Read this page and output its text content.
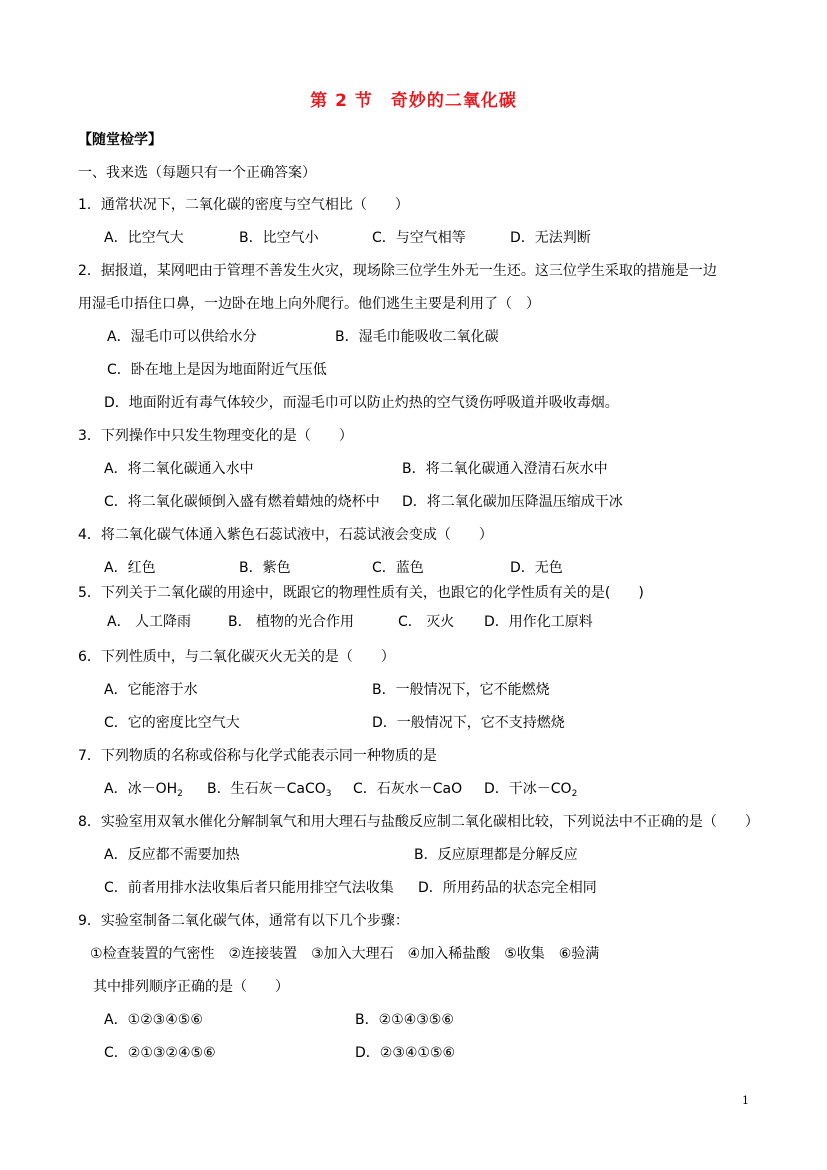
第 2 节　奇妙的二氧化碳
【随堂检学】
一、我来选（每题只有一个正确答案）
1．通常状况下，二氧化碳的密度与空气相比（　　）
A．比空气大	B．比空气小	C．与空气相等	D．无法判断
2．据报道，某网吧由于管理不善发生火灾，现场除三位学生外无一生还。这三位学生采取的措施是一边
用湿毛巾捂住口鼻，一边卧在地上向外爬行。他们逃生主要是利用了（　）
A．湿毛巾可以供给水分	B．湿毛巾能吸收二氧化碳
C．卧在地上是因为地面附近气压低
D．地面附近有毒气体较少，而湿毛巾可以防止灼热的空气烫伤呼吸道并吸收毒烟。
3．下列操作中只发生物理变化的是（　　）
A．将二氧化碳通入水中	B．将二氧化碳通入澄清石灰水中
C．将二氧化碳倾倒入盛有燃着蜡烛的烧杯中 D．将二氧化碳加压降温压缩成干冰
4．将二氧化碳气体通入紫色石蕊试液中，石蕊试液会变成（　　）
A．红色	B．紫色	C．蓝色	D．无色
5．下列关于二氧化碳的用途中，既跟它的物理性质有关，也跟它的化学性质有关的是(　　)
A． 人工降雨	B． 植物的光合作用	C． 灭火 D．用作化工原料
6．下列性质中，与二氧化碳灭火无关的是（　　）
A．它能溶于水	B．一般情况下，它不能燃烧
C．它的密度比空气大	D．一般情况下，它不支持燃烧
7．下列物质的名称或俗称与化学式能表示同一种物质的是
A．冰$-OH_2$ B．生石灰－CaCO$_3$ C．石灰水－CaO D．干冰$-CO_2$
8．实验室用双氧水催化分解制氧气和用大理石与盐酸反应制二氧化碳相比较，下列说法中不正确的是（　　）
A．反应都不需要加热	B．反应原理都是分解反应
C．前者用排水法收集后者只能用排空气法收集 D．所用药品的状态完全相同
9．实验室制备二氧化碳气体，通常有以下几个步骤：
①检查装置的气密性　②连接装置　③加入大理石　④加入稀盐酸　⑤收集　⑥验满
其中排列顺序正确的是（　　）
A．①②③④⑤⑥	B．②①④③⑤⑥
C．②①③②④⑤⑥	D．②③④①⑤⑥
1
